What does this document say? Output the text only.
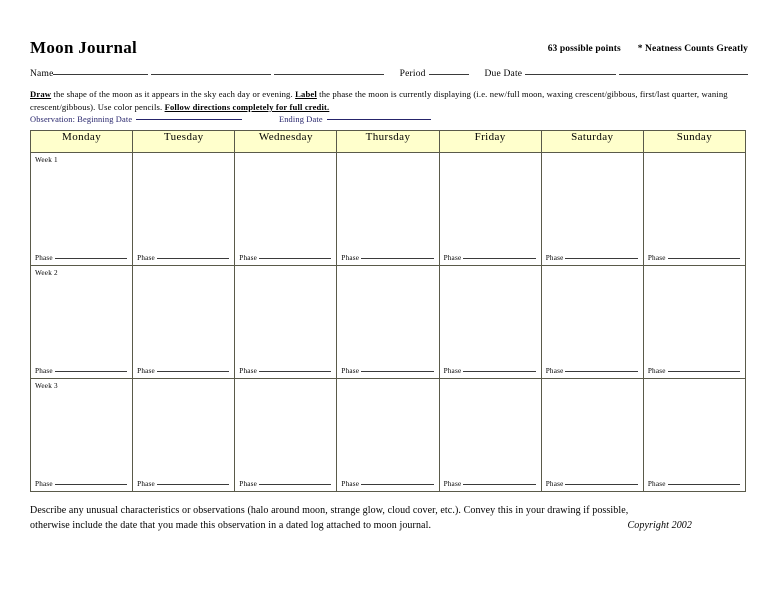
Moon Journal	63 possible points * Neatness Counts Greatly
Name	Period	Due Date
Draw the shape of the moon as it appears in the sky each day or evening. Label the phase the moon is currently displaying (i.e. new/full moon, waxing crescent/gibbous, first/last quarter, waning crescent/gibbous). Use color pencils. Follow directions completely for full credit.
Observation: Beginning Date	Ending Date
Monday	Tuesday	Wednesday	Thursday	Friday	Saturday	Sunday

Week 1
Phase	Phase	Phase	Phase	Phase	Phase	Phase

Week 2
Phase	Phase	Phase	Phase	Phase	Phase	Phase

Week 3
Phase	Phase	Phase	Phase	Phase	Phase	Phase
Describe any unusual characteristics or observations (halo around moon, strange glow, cloud cover, etc.). Convey this in your drawing if possible,
otherwise include the date that you made this observation in a dated log attached to moon journal.	Copyright 2002
